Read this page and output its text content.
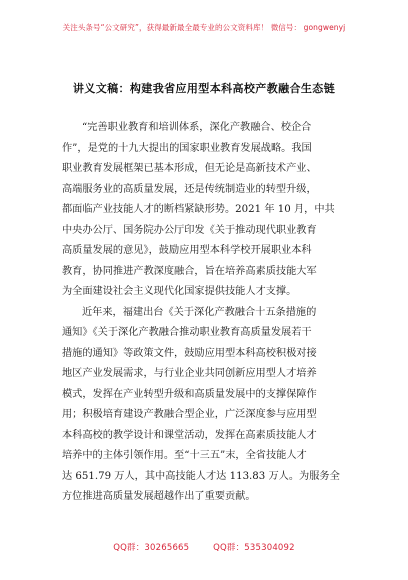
关注头条号“公文研究”，获得最新最全最专业的公文资料库！ 微信号： gongwenyj
讲义文稿：构建我省应用型本科高校产教融合生态链
“完善职业教育和培训体系，深化产教融合、校企合
作”，是党的十九大提出的国家职业教育发展战略。我国
职业教育发展框架已基本形成，但无论是高新技术产业、
高端服务业的高质量发展，还是传统制造业的转型升级，
都面临产业技能人才的断档紧缺形势。2021 年 10 月，中共
中央办公厅、国务院办公厅印发《关于推动现代职业教育
高质量发展的意见》，鼓励应用型本科学校开展职业本科
教育，协同推进产教深度融合，旨在培养高素质技能大军
为全面建设社会主义现代化国家提供技能人才支撑。
近年来，福建出台《关于深化产教融合十五条措施的
通知》《关于深化产教融合推动职业教育高质量发展若干
措施的通知》等政策文件，鼓励应用型本科高校积极对接
地区产业发展需求，与行业企业共同创新应用型人才培养
模式，发挥在产业转型升级和高质量发展中的支撑保障作
用；积极培育建设产教融合型企业，广泛深度参与应用型
本科高校的教学设计和课堂活动，发挥在高素质技能人才
培养中的主体引领作用。至“十三五”末，全省技能人才
达 651.79 万人，其中高技能人才达 113.83 万人。为服务全
方位推进高质量发展超越作出了重要贡献。
QQ群：30265665	QQ群：535304092
